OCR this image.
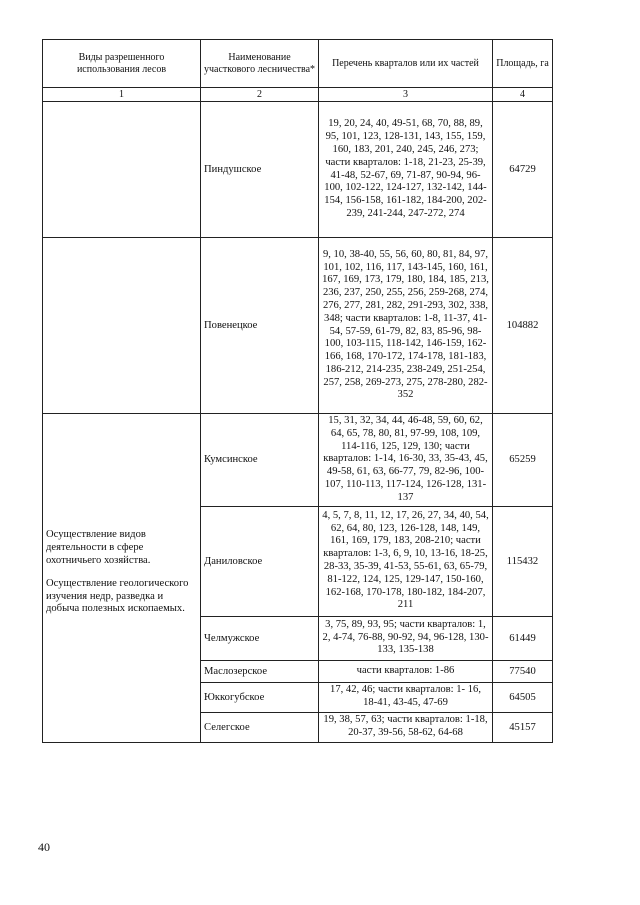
Виды разрешенного использования лесов	Наименование участкового лесничества*	Перечень кварталов или их частей	Площадь, га
1	2	3	4
	Пиндушское	19, 20, 24, 40, 49-51, 68, 70, 88, 89, 95, 101, 123, 128-131, 143, 155, 159, 160, 183, 201, 240, 245, 246, 273; части кварталов: 1-18, 21-23, 25-39, 41-48, 52-67, 69, 71-87, 90-94, 96-100, 102-122, 124-127, 132-142, 144-154, 156-158, 161-182, 184-200, 202-239, 241-244, 247-272, 274	64729
	Повенецкое	9, 10, 38-40, 55, 56, 60, 80, 81, 84, 97, 101, 102, 116, 117, 143-145, 160, 161, 167, 169, 173, 179, 180, 184, 185, 213, 236, 237, 250, 255, 256, 259-268, 274, 276, 277, 281, 282, 291-293, 302, 338, 348; части кварталов: 1-8, 11-37, 41-54, 57-59, 61-79, 82, 83, 85-96, 98-100, 103-115, 118-142, 146-159, 162-166, 168, 170-172, 174-178, 181-183, 186-212, 214-235, 238-249, 251-254, 257, 258, 269-273, 275, 278-280, 282-352	104882

Осуществление видов деятельности в сфере охотничьего хозяйства.

Осуществление геологического изучения недр, разведка и добыча полезных ископаемых.	Кумсинское	15, 31, 32, 34, 44, 46-48, 59, 60, 62, 64, 65, 78, 80, 81, 97-99, 108, 109, 114-116, 125, 129, 130; части кварталов: 1-14, 16-30, 33, 35-43, 45, 49-58, 61, 63, 66-77, 79, 82-96, 100-107, 110-113, 117-124, 126-128, 131-137	65259
	Даниловское	4, 5, 7, 8, 11, 12, 17, 26, 27, 34, 40, 54, 62, 64, 80, 123, 126-128, 148, 149, 161, 169, 179, 183, 208-210; части кварталов: 1-3, 6, 9, 10, 13-16, 18-25, 28-33, 35-39, 41-53, 55-61, 63, 65-79, 81-122, 124, 125, 129-147, 150-160, 162-168, 170-178, 180-182, 184-207, 211	115432
	Челмужское	3, 75, 89, 93, 95; части кварталов: 1, 2, 4-74, 76-88, 90-92, 94, 96-128, 130-133, 135-138	61449
	Маслозерское	части кварталов: 1-86	77540
	Юккогубское	17, 42, 46; части кварталов: 1- 16, 18-41, 43-45, 47-69	64505
	Селегское	19, 38, 57, 63; части кварталов: 1-18, 20-37, 39-56, 58-62, 64-68	45157
40
